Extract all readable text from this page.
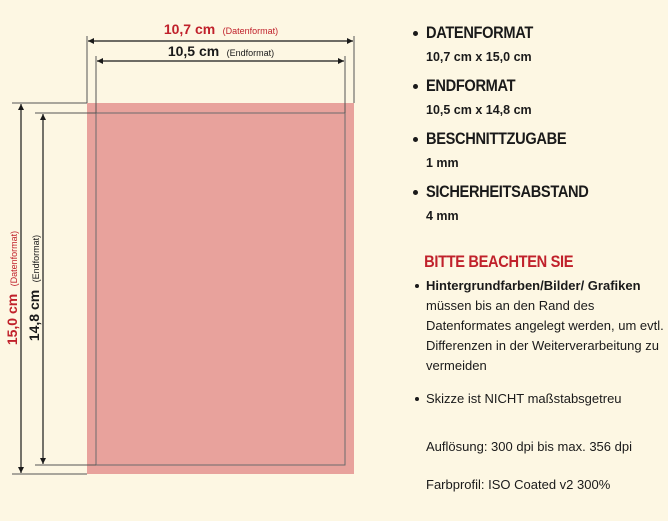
10,7 cm (Datenformat)
10,5 cm (Endformat)
15,0 cm (Datenformat)
14,8 cm (Endformat)
DATENFORMAT
10,7 cm x 15,0 cm
ENDFORMAT
10,5 cm x 14,8 cm
BESCHNITTZUGABE
1 mm
SICHERHEITSABSTAND
4 mm
BITTE BEACHTEN SIE
Hintergrundfarben/Bilder/ Grafiken müssen bis an den Rand des Datenformates angelegt werden, um evtl. Differenzen in der Weiterverarbeitung zu vermeiden
Skizze ist NICHT maßstabsgetreu
Auflösung: 300 dpi bis max. 356 dpi
Farbprofil: ISO Coated v2 300%
